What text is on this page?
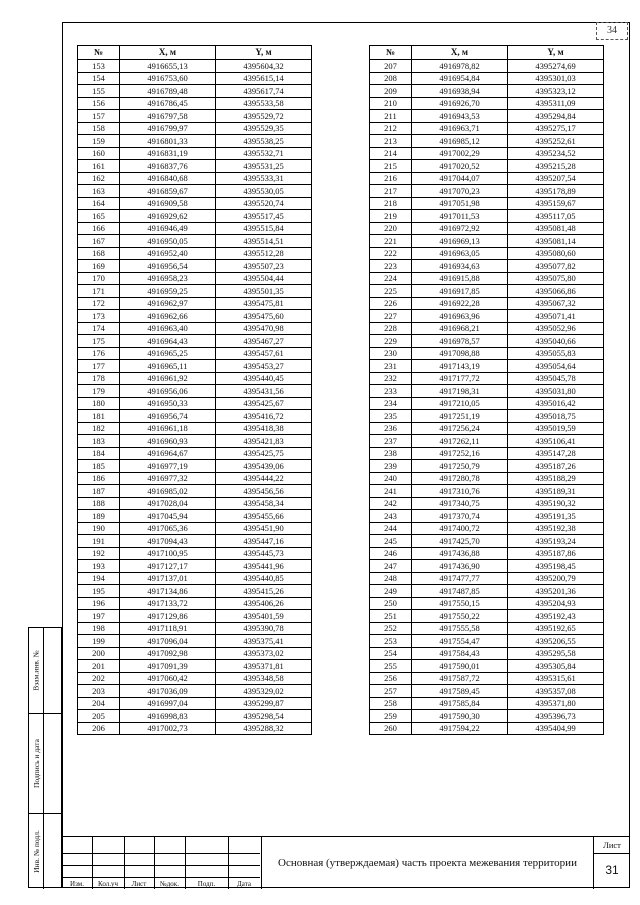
34
№	X, м	Y, м
153	4916655,13	4395604,32
154	4916753,60	4395615,14
155	4916789,48	4395617,74
156	4916786,45	4395533,58
157	4916797,58	4395529,72
158	4916799,97	4395529,35
159	4916801,33	4395538,25
160	4916831,19	4395532,71
161	4916837,76	4395531,25
162	4916840,68	4395533,31
163	4916859,67	4395530,05
164	4916909,58	4395520,74
165	4916929,62	4395517,45
166	4916946,49	4395515,84
167	4916950,05	4395514,51
168	4916952,40	4395512,28
169	4916956,54	4395507,23
170	4916958,23	4395504,44
171	4916959,25	4395501,35
172	4916962,97	4395475,81
173	4916962,66	4395475,60
174	4916963,40	4395470,98
175	4916964,43	4395467,27
176	4916965,25	4395457,61
177	4916965,11	4395453,27
178	4916961,92	4395440,45
179	4916956,06	4395431,56
180	4916950,33	4395425,67
181	4916956,74	4395416,72
182	4916961,18	4395418,38
183	4916960,93	4395421,83
184	4916964,67	4395425,75
185	4916977,19	4395439,06
186	4916977,32	4395444,22
187	4916985,02	4395456,56
188	4917028,04	4395458,34
189	4917045,94	4395455,66
190	4917065,36	4395451,90
191	4917094,43	4395447,16
192	4917100,95	4395445,73
193	4917127,17	4395441,96
194	4917137,01	4395440,85
195	4917134,86	4395415,26
196	4917133,72	4395406,26
197	4917129,86	4395401,59
198	4917118,91	4395390,78
199	4917096,04	4395375,41
200	4917092,98	4395373,02
201	4917091,39	4395371,81
202	4917060,42	4395348,58
203	4917036,09	4395329,02
204	4916997,04	4395299,87
205	4916998,83	4395298,54
206	4917002,73	4395288,32
№	X, м	Y, м
207	4916978,82	4395274,69
208	4916954,84	4395301,03
209	4916938,94	4395323,12
210	4916926,70	4395311,09
211	4916943,53	4395294,84
212	4916963,71	4395275,17
213	4916985,12	4395252,61
214	4917002,29	4395234,52
215	4917020,52	4395215,28
216	4917044,07	4395207,54
217	4917070,23	4395178,89
218	4917051,98	4395159,67
219	4917011,53	4395117,05
220	4916972,92	4395081,48
221	4916969,13	4395081,14
222	4916963,05	4395080,60
223	4916934,63	4395077,82
224	4916915,88	4395075,80
225	4916917,85	4395066,86
226	4916922,28	4395067,32
227	4916963,96	4395071,41
228	4916968,21	4395052,96
229	4916978,57	4395040,66
230	4917098,88	4395055,83
231	4917143,19	4395054,64
232	4917177,72	4395045,78
233	4917198,31	4395031,80
234	4917210,05	4395016,42
235	4917251,19	4395018,75
236	4917256,24	4395019,59
237	4917262,11	4395106,41
238	4917252,16	4395147,28
239	4917250,79	4395187,26
240	4917280,78	4395188,29
241	4917310,76	4395189,31
242	4917340,75	4395190,32
243	4917370,74	4395191,35
244	4917400,72	4395192,38
245	4917425,70	4395193,24
246	4917436,88	4395187,86
247	4917436,90	4395198,45
248	4917477,77	4395200,79
249	4917487,85	4395201,36
250	4917550,15	4395204,93
251	4917550,22	4395192,43
252	4917555,58	4395192,65
253	4917554,47	4395206,55
254	4917584,43	4395295,58
255	4917590,01	4395305,84
256	4917587,72	4395315,61
257	4917589,45	4395357,08
258	4917585,84	4395371,80
259	4917590,30	4395396,73
260	4917594,22	4395404,99
Взам.инв. №
Подпись и дата
Инв. № подл.
Изм.	Кол.уч	Лист	№док.	Подп.	Дата
Основная (утверждаемая) часть проекта межевания территории
Лист
31
